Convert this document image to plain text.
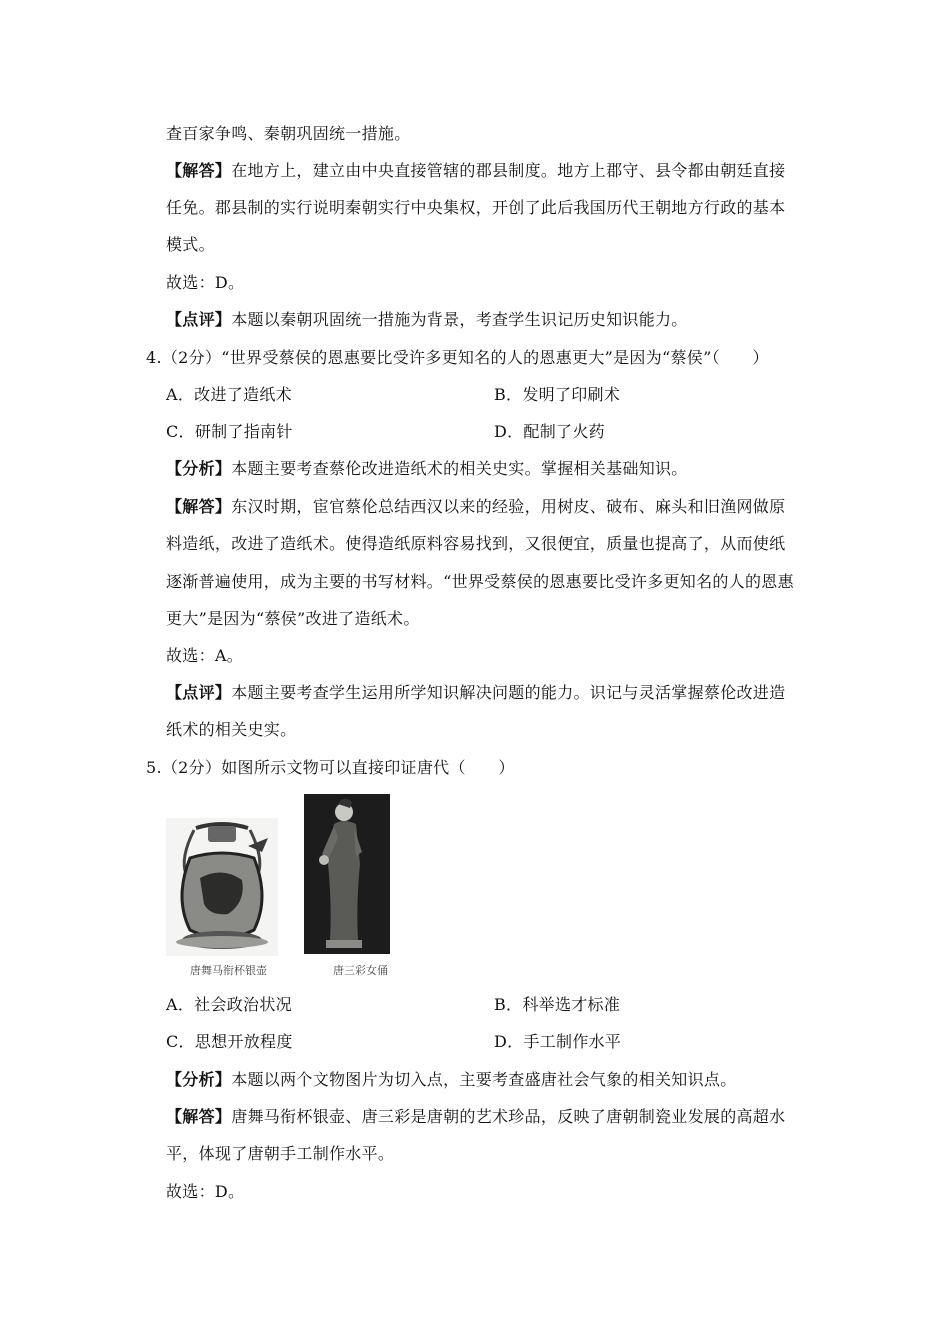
查百家争鸣、秦朝巩固统一措施。
【解答】在地方上，建立由中央直接管辖的郡县制度。地方上郡守、县令都由朝廷直接
任免。郡县制的实行说明秦朝实行中央集权，开创了此后我国历代王朝地方行政的基本
模式。
故选：D。
【点评】本题以秦朝巩固统一措施为背景，考查学生识记历史知识能力。
4.（2分）“世界受蔡侯的恩惠要比受许多更知名的人的恩惠更大”是因为“蔡侯”（　　）
A．改进了造纸术	B．发明了印刷术
C．研制了指南针	D．配制了火药
【分析】本题主要考查蔡伦改进造纸术的相关史实。掌握相关基础知识。
【解答】东汉时期，宦官蔡伦总结西汉以来的经验，用树皮、破布、麻头和旧渔网做原
料造纸，改进了造纸术。使得造纸原料容易找到，又很便宜，质量也提高了，从而使纸
逐渐普遍使用，成为主要的书写材料。“世界受蔡侯的恩惠要比受许多更知名的人的恩惠
更大”是因为“蔡侯”改进了造纸术。
故选：A。
【点评】本题主要考查学生运用所学知识解决问题的能力。识记与灵活掌握蔡伦改进造
纸术的相关史实。
5.（2分）如图所示文物可以直接印证唐代（　　）
唐舞马衔杯银壶	唐三彩女俑
A．社会政治状况	B．科举选才标准
C．思想开放程度	D．手工制作水平
【分析】本题以两个文物图片为切入点，主要考查盛唐社会气象的相关知识点。
【解答】唐舞马衔杯银壶、唐三彩是唐朝的艺术珍品，反映了唐朝制瓷业发展的高超水
平，体现了唐朝手工制作水平。
故选：D。
